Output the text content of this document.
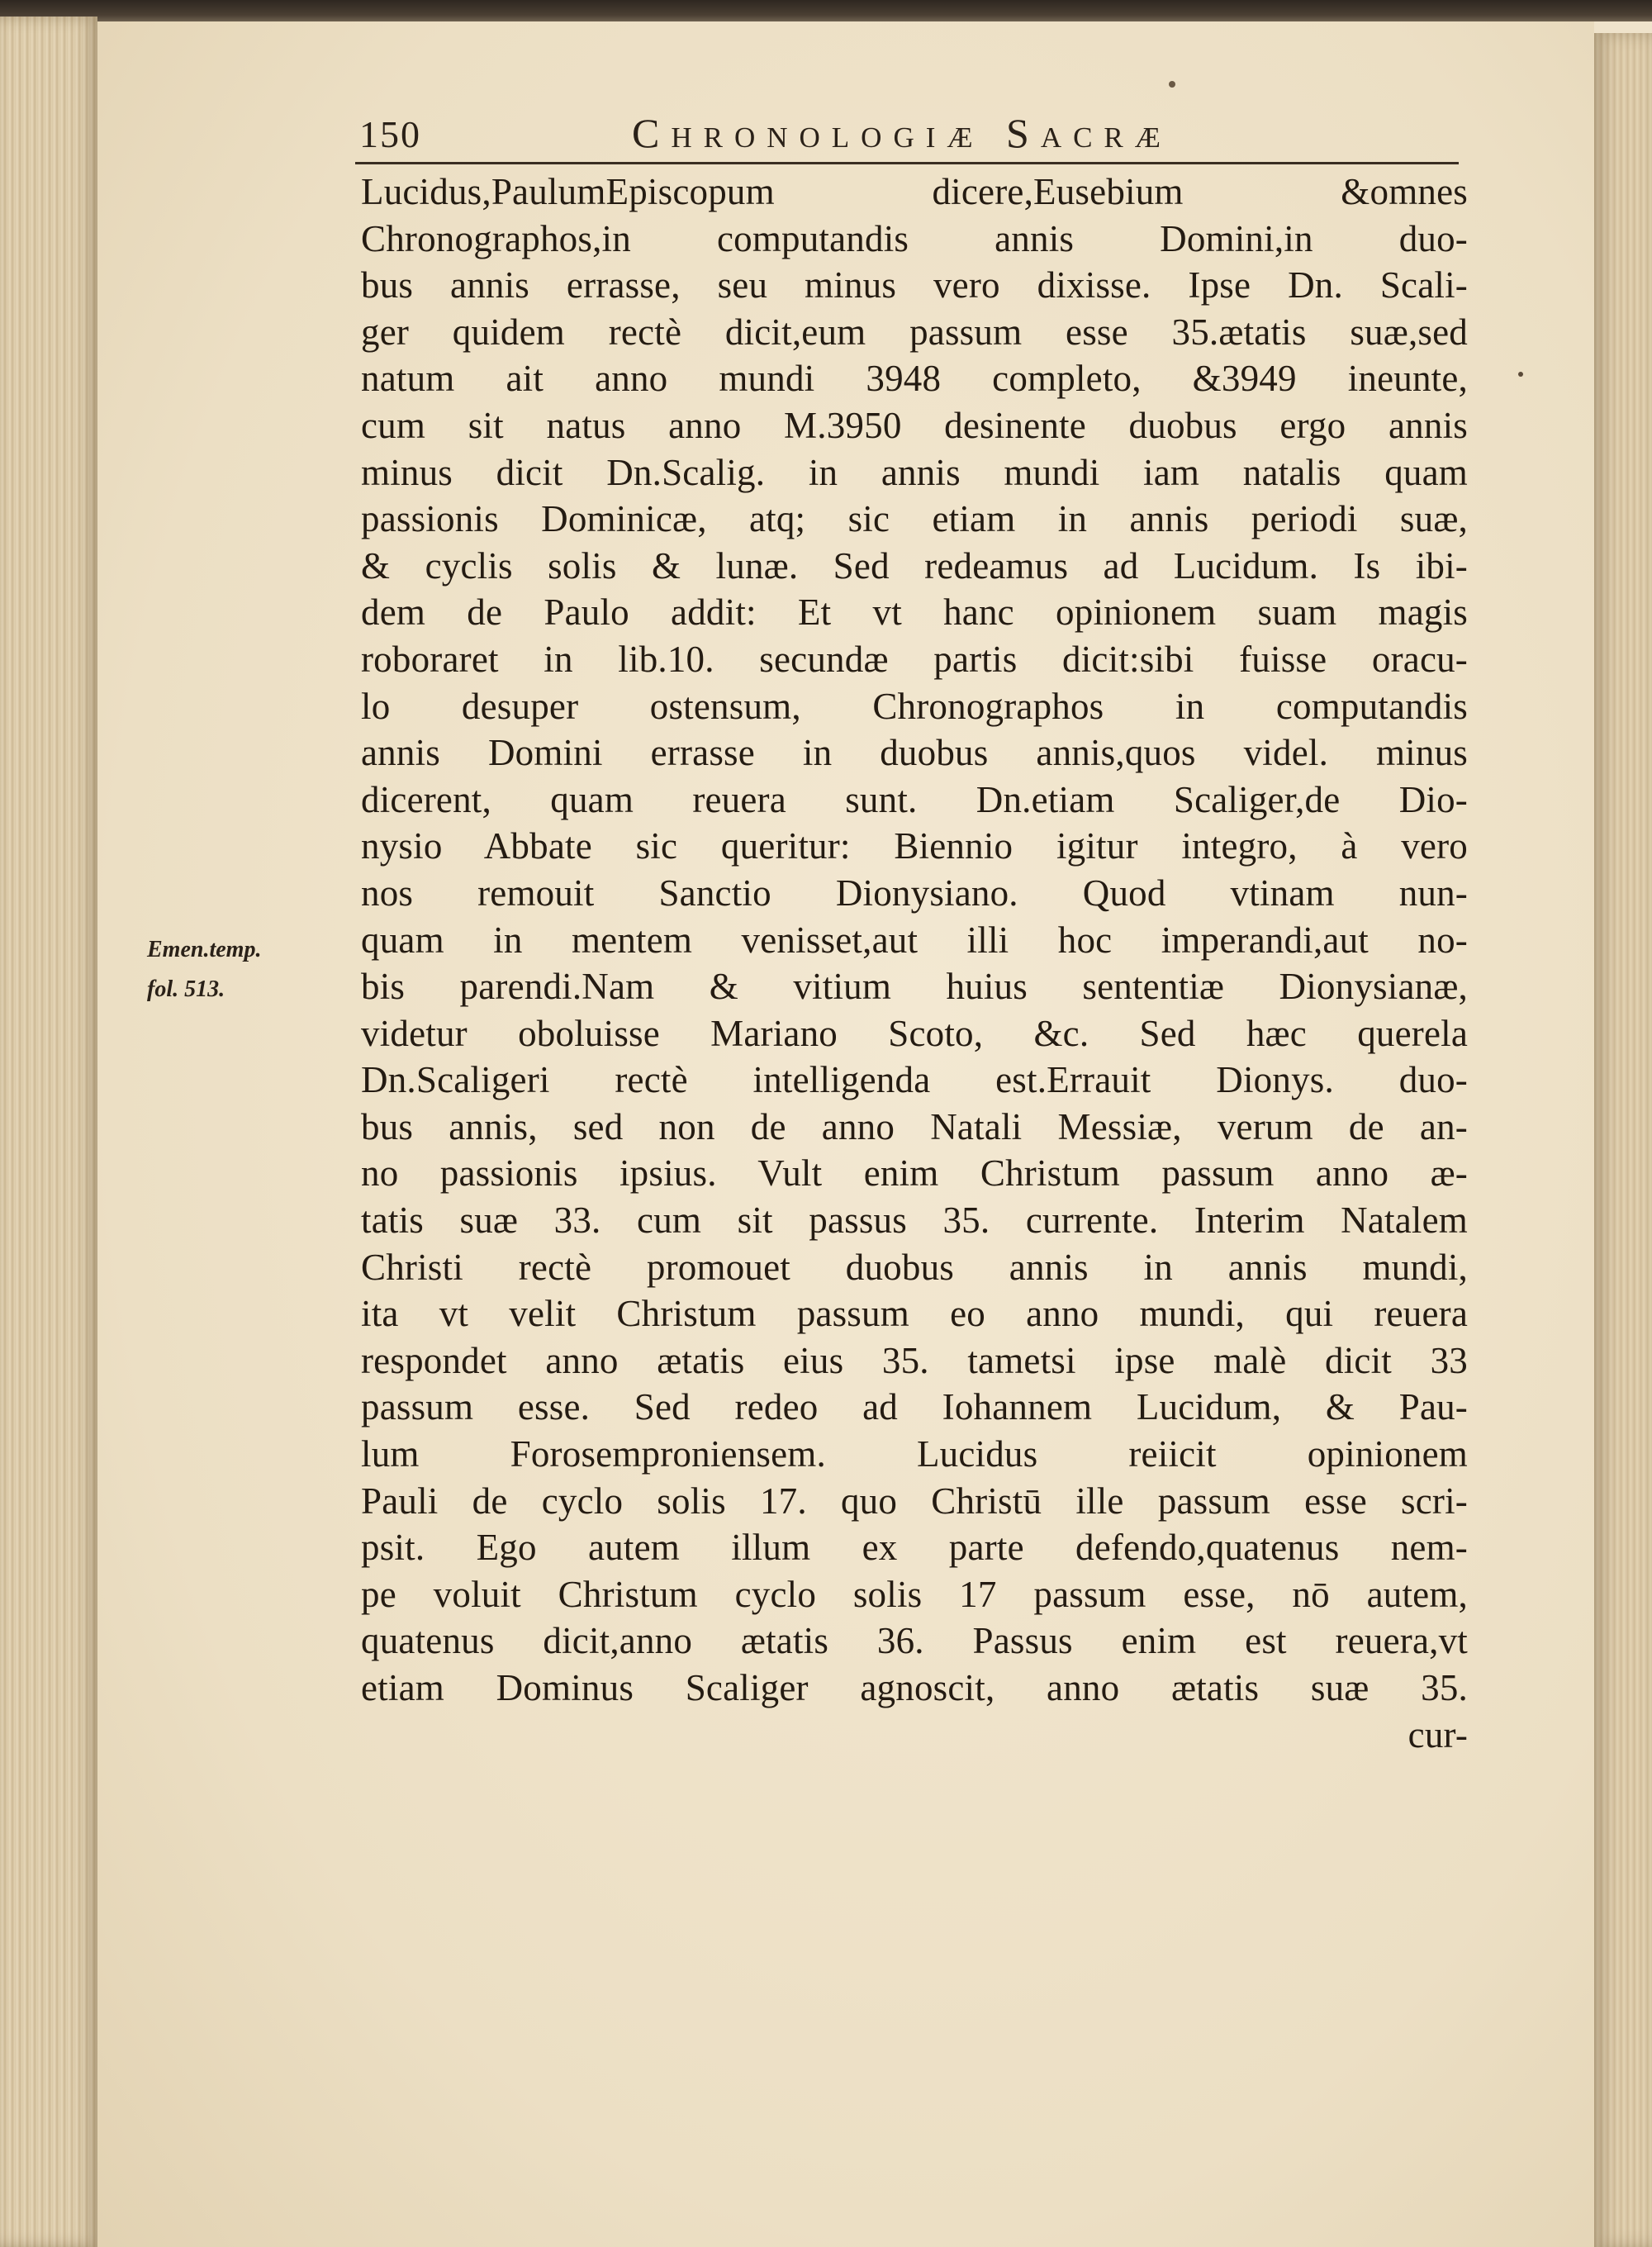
150	Chronologiæ Sacræ
Emen.temp.
fol. 513.
Lucidus,PaulumEpiscopum dicere,Eusebium &omnes
Chronographos,in computandis annis Domini,in duo-
bus annis errasse, seu minus vero dixisse. Ipse Dn. Scali-
ger quidem rectè dicit,eum passum esse 35.ætatis suæ,sed
natum ait anno mundi 3948 completo, &3949 ineunte,
cum sit natus anno M.3950 desinente duobus ergo annis
minus dicit Dn.Scalig. in annis mundi iam natalis quam
passionis Dominicæ, atq; sic etiam in annis periodi suæ,
& cyclis solis & lunæ. Sed redeamus ad Lucidum. Is ibi-
dem de Paulo addit: Et vt hanc opinionem suam magis
roboraret in lib.10. secundæ partis dicit:sibi fuisse oracu-
lo desuper ostensum, Chronographos in computandis
annis Domini errasse in duobus annis,quos videl. minus
dicerent, quam reuera sunt. Dn.etiam Scaliger,de Dio-
nysio Abbate sic queritur: Biennio igitur integro, à vero
nos remouit Sanctio Dionysiano. Quod vtinam nun-
quam in mentem venisset,aut illi hoc imperandi,aut no-
bis parendi.Nam & vitium huius sententiæ Dionysianæ,
videtur oboluisse Mariano Scoto, &c. Sed hæc querela
Dn.Scaligeri rectè intelligenda est.Errauit Dionys. duo-
bus annis, sed non de anno Natali Messiæ, verum de an-
no passionis ipsius. Vult enim Christum passum anno æ-
tatis suæ 33. cum sit passus 35. currente. Interim Natalem
Christi rectè promouet duobus annis in annis mundi,
ita vt velit Christum passum eo anno mundi, qui reuera
respondet anno ætatis eius 35. tametsi ipse malè dicit 33
passum esse. Sed redeo ad Iohannem Lucidum, & Pau-
lum Forosemproniensem. Lucidus reiicit opinionem
Pauli de cyclo solis 17. quo Christū ille passum esse scri-
psit. Ego autem illum ex parte defendo,quatenus nem-
pe voluit Christum cyclo solis 17 passum esse, nō autem,
quatenus dicit,anno ætatis 36. Passus enim est reuera,vt
etiam Dominus Scaliger agnoscit, anno ætatis suæ 35.
cur-
